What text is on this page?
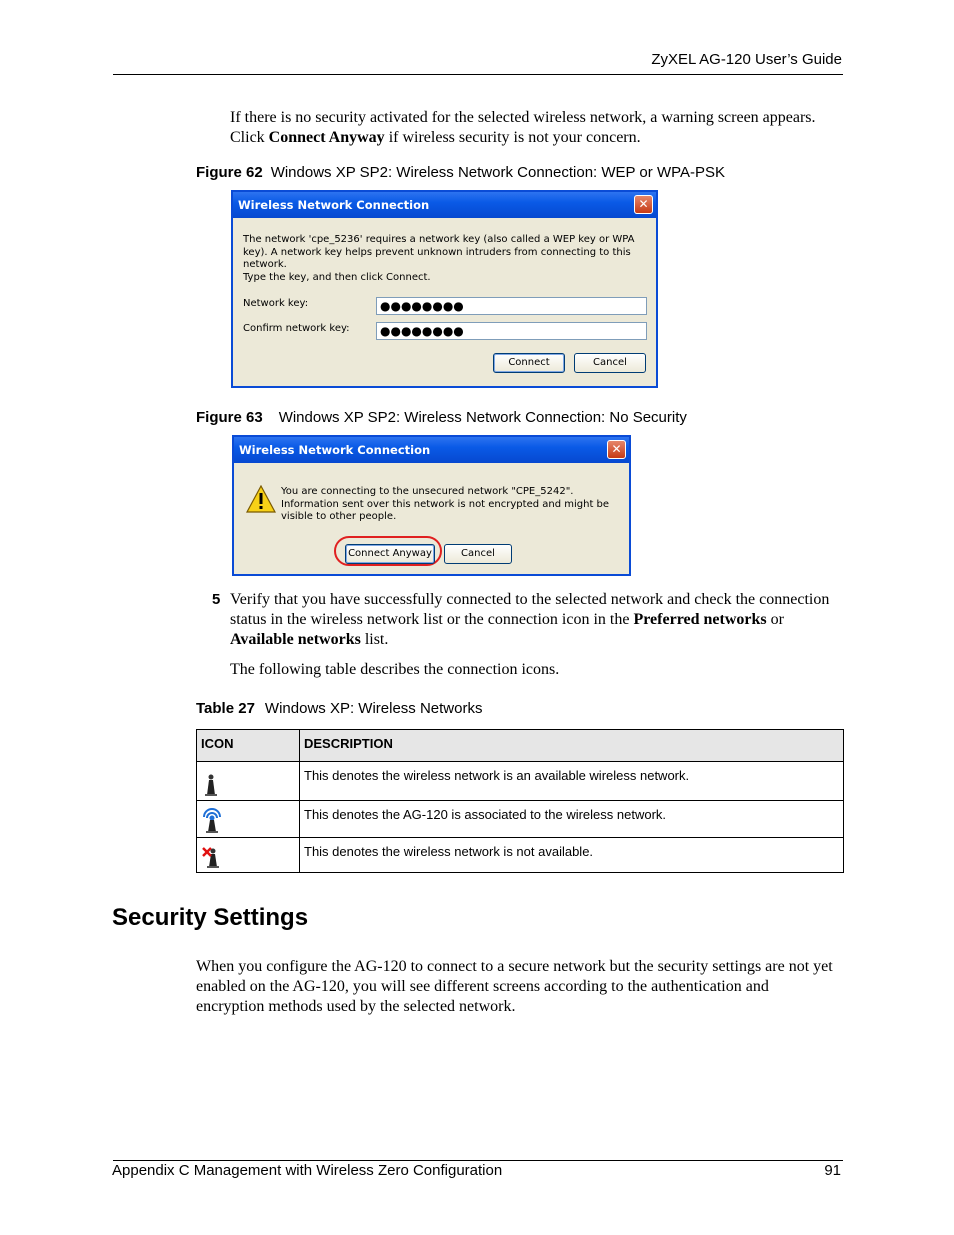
ZyXEL AG-120 User’s Guide
If there is no security activated for the selected wireless network, a warning screen appears. Click Connect Anyway if wireless security is not your concern.
Figure 62 Windows XP SP2: Wireless Network Connection: WEP or WPA-PSK
Wireless Network Connection	✕
The network 'cpe_5236' requires a network key (also called a WEP key or WPA key). A network key helps prevent unknown intruders from connecting to this network.
Type the key, and then click Connect.
Network key:	●●●●●●●●
Confirm network key:	●●●●●●●●
Connect	Cancel
Figure 63 Windows XP SP2: Wireless Network Connection: No Security
Wireless Network Connection	✕
You are connecting to the unsecured network "CPE_5242". Information sent over this network is not encrypted and might be visible to other people.
Connect Anyway	Cancel
5 Verify that you have successfully connected to the selected network and check the connection status in the wireless network list or the connection icon in the Preferred networks or Available networks list.
The following table describes the connection icons.
Table 27 Windows XP: Wireless Networks
ICON	DESCRIPTION
	This denotes the wireless network is an available wireless network.
	This denotes the AG-120 is associated to the wireless network.
	This denotes the wireless network is not available.
Security Settings
When you configure the AG-120 to connect to a secure network but the security settings are not yet enabled on the AG-120, you will see different screens according to the authentication and encryption methods used by the selected network.
Appendix C Management with Wireless Zero Configuration	91
